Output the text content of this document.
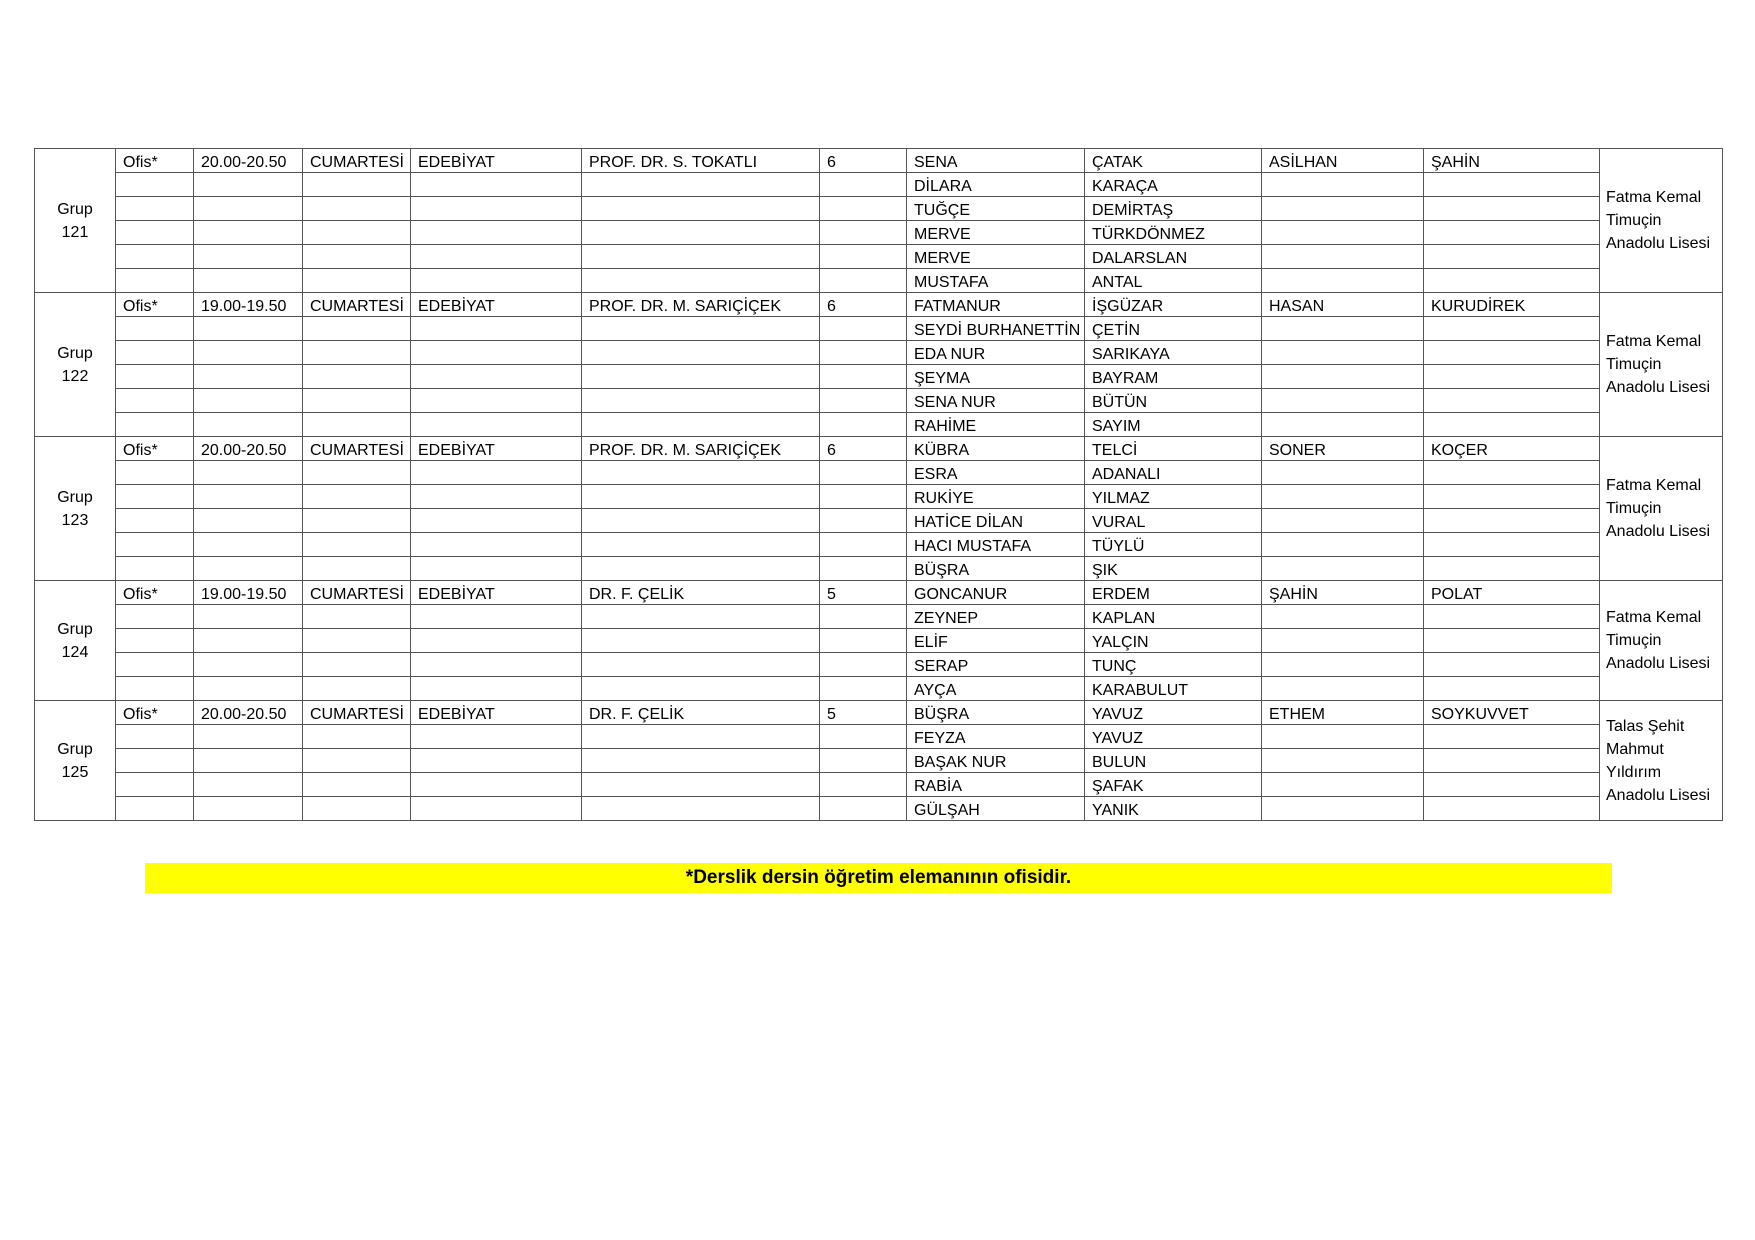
Grup
121	Ofis*	20.00-20.50	CUMARTESİ	EDEBİYAT	PROF. DR. S. TOKATLI	6	SENA	ÇATAK	ASİLHAN	ŞAHİN	Fatma Kemal Timuçin Anadolu Lisesi
							DİLARA	KARAÇA			
							TUĞÇE	DEMİRTAŞ			
							MERVE	TÜRKDÖNMEZ			
							MERVE	DALARSLAN			
							MUSTAFA	ANTAL			

Grup
122	Ofis*	19.00-19.50	CUMARTESİ	EDEBİYAT	PROF. DR. M. SARIÇİÇEK	6	FATMANUR	İŞGÜZAR	HASAN	KURUDİREK	Fatma Kemal Timuçin Anadolu Lisesi
							SEYDİ BURHANETTİN	ÇETİN			
							EDA NUR	SARIKAYA			
							ŞEYMA	BAYRAM			
							SENA NUR	BÜTÜN			
							RAHİME	SAYIM			

Grup
123	Ofis*	20.00-20.50	CUMARTESİ	EDEBİYAT	PROF. DR. M. SARIÇİÇEK	6	KÜBRA	TELCİ	SONER	KOÇER	Fatma Kemal Timuçin Anadolu Lisesi
							ESRA	ADANALI			
							RUKİYE	YILMAZ			
							HATİCE DİLAN	VURAL			
							HACI MUSTAFA	TÜYLÜ			
							BÜŞRA	ŞIK			

Grup
124	Ofis*	19.00-19.50	CUMARTESİ	EDEBİYAT	DR. F. ÇELİK	5	GONCANUR	ERDEM	ŞAHİN	POLAT	Fatma Kemal Timuçin Anadolu Lisesi
							ZEYNEP	KAPLAN			
							ELİF	YALÇIN			
							SERAP	TUNÇ			
							AYÇA	KARABULUT			

Grup
125	Ofis*	20.00-20.50	CUMARTESİ	EDEBİYAT	DR. F. ÇELİK	5	BÜŞRA	YAVUZ	ETHEM	SOYKUVVET	Talas Şehit Mahmut Yıldırım Anadolu Lisesi
							FEYZA	YAVUZ			
							BAŞAK NUR	BULUN			
							RABİA	ŞAFAK			
							GÜLŞAH	YANIK			
*Derslik dersin öğretim elemanının ofisidir.
